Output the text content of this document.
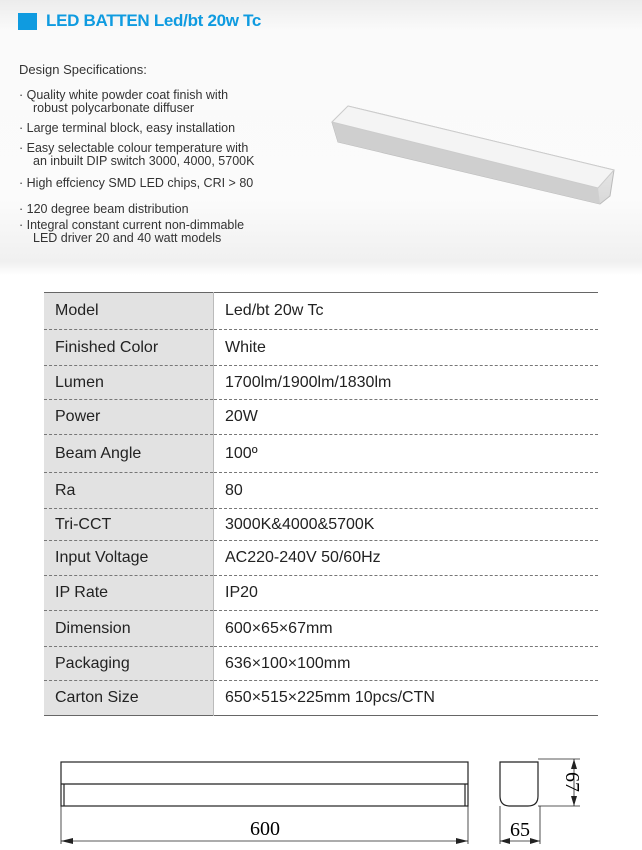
LED BATTEN Led/bt 20w Tc
Design Specifications:
· Quality white powder coat finish with
robust polycarbonate diffuser
· Large terminal block, easy installation
· Easy selectable colour temperature with
an inbuilt DIP switch 3000, 4000, 5700K
· High effciency SMD LED chips, CRI > 80
· 120 degree beam distribution
· Integral constant current non-dimmable
LED driver 20 and 40 watt models
Model	Led/bt 20w Tc
Finished Color	White
Lumen	1700lm/1900lm/1830lm
Power	20W
Beam Angle	100º
Ra	80
Tri-CCT	3000K&4000&5700K
Input Voltage	AC220-240V 50/60Hz
IP Rate	IP20
Dimension	600×65×67mm
Packaging	636×100×100mm
Carton Size	650×515×225mm 10pcs/CTN
600	65
67
